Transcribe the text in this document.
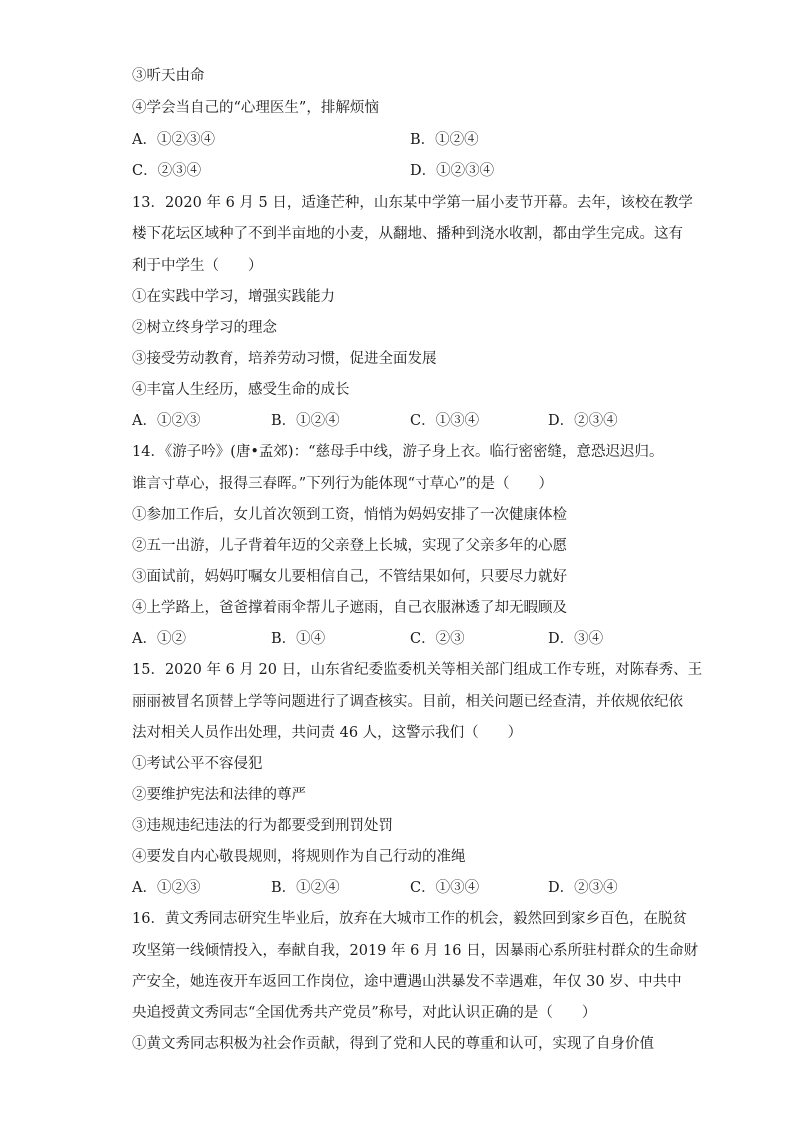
③听天由命
④学会当自己的“心理医生”，排解烦恼
A．①②③④	B．①②④
C．②③④	D．①②③④
13．2020 年 6 月 5 日，适逢芒种，山东某中学第一届小麦节开幕。去年，该校在教学
楼下花坛区域种了不到半亩地的小麦，从翻地、播种到浇水收割，都由学生完成。这有
利于中学生（　　）
①在实践中学习，增强实践能力
②树立终身学习的理念
③接受劳动教育，培养劳动习惯，促进全面发展
④丰富人生经历，感受生命的成长
A．①②③	B．①②④	C．①③④	D．②③④
14．《游子吟》(唐•孟郊)：“慈母手中线，游子身上衣。临行密密缝，意恐迟迟归。
谁言寸草心，报得三春晖。”下列行为能体现“寸草心”的是（　　）
①参加工作后，女儿首次领到工资，悄悄为妈妈安排了一次健康体检
②五一出游，儿子背着年迈的父亲登上长城，实现了父亲多年的心愿
③面试前，妈妈叮嘱女儿要相信自己，不管结果如何，只要尽力就好
④上学路上，爸爸撑着雨伞帮儿子遮雨，自己衣服淋透了却无暇顾及
A．①②	B．①④	C．②③	D．③④
15．2020 年 6 月 20 日，山东省纪委监委机关等相关部门组成工作专班，对陈春秀、王
丽丽被冒名顶替上学等问题进行了调查核实。目前，相关问题已经查清，并依规依纪依
法对相关人员作出处理，共问责 46 人，这警示我们（　　）
①考试公平不容侵犯
②要维护宪法和法律的尊严
③违规违纪违法的行为都要受到刑罚处罚
④要发自内心敬畏规则，将规则作为自己行动的准绳
A．①②③	B．①②④	C．①③④	D．②③④
16．黄文秀同志研究生毕业后，放弃在大城市工作的机会，毅然回到家乡百色，在脱贫
攻坚第一线倾情投入，奉献自我，2019 年 6 月 16 日，因暴雨心系所驻村群众的生命财
产安全，她连夜开车返回工作岗位，途中遭遇山洪暴发不幸遇难，年仅 30 岁、中共中
央追授黄文秀同志“全国优秀共产党员”称号，对此认识正确的是（　　）
①黄文秀同志积极为社会作贡献，得到了党和人民的尊重和认可，实现了自身价值
